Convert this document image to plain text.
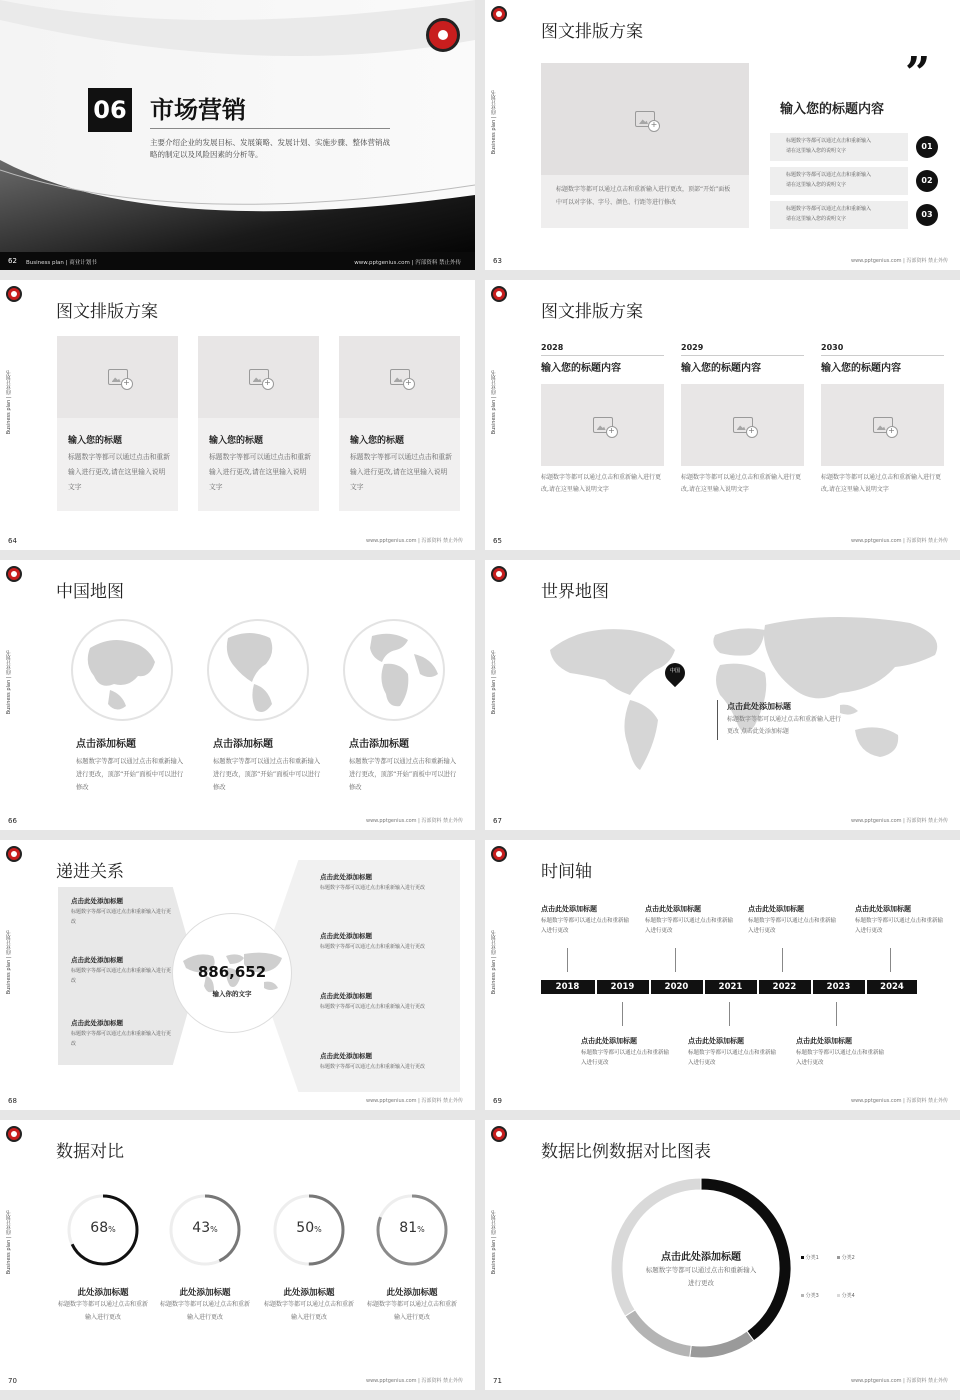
06 市场营销
主要介绍企业的发展目标、发展策略、发展计划、实施步骤、整体营销战略的制定以及风险因素的分析等。
62 Business plan | 商业计划书	www.pptgenius.com | 泻部资料 禁止外传
Business plan | 商业计划书
图文排版方案
+
标题数字等都可以通过点击和重新输入进行更改，顶部“开始”面板中可以对字体、字号、颜色、行距等进行修改
”
输入您的标题内容
标题数字等都可以通过点击和重新输入
请在这里输入您的说明文字	01
标题数字等都可以通过点击和重新输入
请在这里输入您的说明文字	02
标题数字等都可以通过点击和重新输入
请在这里输入您的说明文字	03
63	www.pptgenius.com | 泻部资料 禁止外传
Business plan | 商业计划书
图文排版方案
+
输入您的标题
标题数字等都可以通过点击和重新输入进行更改,请在这里输入说明文字
+
输入您的标题
标题数字等都可以通过点击和重新输入进行更改,请在这里输入说明文字
+
输入您的标题
标题数字等都可以通过点击和重新输入进行更改,请在这里输入说明文字
64	www.pptgenius.com | 泻部资料 禁止外传
Business plan | 商业计划书
图文排版方案
2028
输入您的标题内容
+
标题数字等都可以通过点击和重新输入进行更改,请在这里输入说明文字
2029
输入您的标题内容
+
标题数字等都可以通过点击和重新输入进行更改,请在这里输入说明文字
2030
输入您的标题内容
+
标题数字等都可以通过点击和重新输入进行更改,请在这里输入说明文字
65	www.pptgenius.com | 泻部资料 禁止外传
Business plan | 商业计划书
中国地图
点击添加标题
标题数字等都可以通过点击和重新输入进行更改，顶部“开始”面板中可以进行修改
点击添加标题
标题数字等都可以通过点击和重新输入进行更改，顶部“开始”面板中可以进行修改
点击添加标题
标题数字等都可以通过点击和重新输入进行更改，顶部“开始”面板中可以进行修改
66	www.pptgenius.com | 泻部资料 禁止外传
Business plan | 商业计划书
世界地图
中国
点击此处添加标题
标题数字等都可以通过点击和重新输入进行更改 点击此处添加标题
67	www.pptgenius.com | 泻部资料 禁止外传
Business plan | 商业计划书
递进关系
886,652
输入你的文字
点击此处添加标题
标题数字等都可以通过点击和重新输入进行更改
点击此处添加标题
标题数字等都可以通过点击和重新输入进行更改
点击此处添加标题
标题数字等都可以通过点击和重新输入进行更改
点击此处添加标题
标题数字等都可以通过点击和重新输入进行更改
点击此处添加标题
标题数字等都可以通过点击和重新输入进行更改
点击此处添加标题
标题数字等都可以通过点击和重新输入进行更改
点击此处添加标题
标题数字等都可以通过点击和重新输入进行更改
68	www.pptgenius.com | 泻部资料 禁止外传
Business plan | 商业计划书
时间轴
2018	2019	2020	2021	2022	2023	2024
点击此处添加标题
标题数字等都可以通过点击和重新输入进行更改
点击此处添加标题
标题数字等都可以通过点击和重新输入进行更改
点击此处添加标题
标题数字等都可以通过点击和重新输入进行更改
点击此处添加标题
标题数字等都可以通过点击和重新输入进行更改
点击此处添加标题
标题数字等都可以通过点击和重新输入进行更改
点击此处添加标题
标题数字等都可以通过点击和重新输入进行更改
点击此处添加标题
标题数字等都可以通过点击和重新输入进行更改
69	www.pptgenius.com | 泻部资料 禁止外传
Business plan | 商业计划书
数据对比
68%
此处添加标题
标题数字等都可以通过点击和重新输入进行更改
43%
此处添加标题
标题数字等都可以通过点击和重新输入进行更改
50%
此处添加标题
标题数字等都可以通过点击和重新输入进行更改
81%
此处添加标题
标题数字等都可以通过点击和重新输入进行更改
70	www.pptgenius.com | 泻部资料 禁止外传
Business plan | 商业计划书
数据比例数据对比图表
点击此处添加标题
标题数字等都可以通过点击和重新输入进行更改
分类1	分类2
分类3	分类4
71	www.pptgenius.com | 泻部资料 禁止外传
